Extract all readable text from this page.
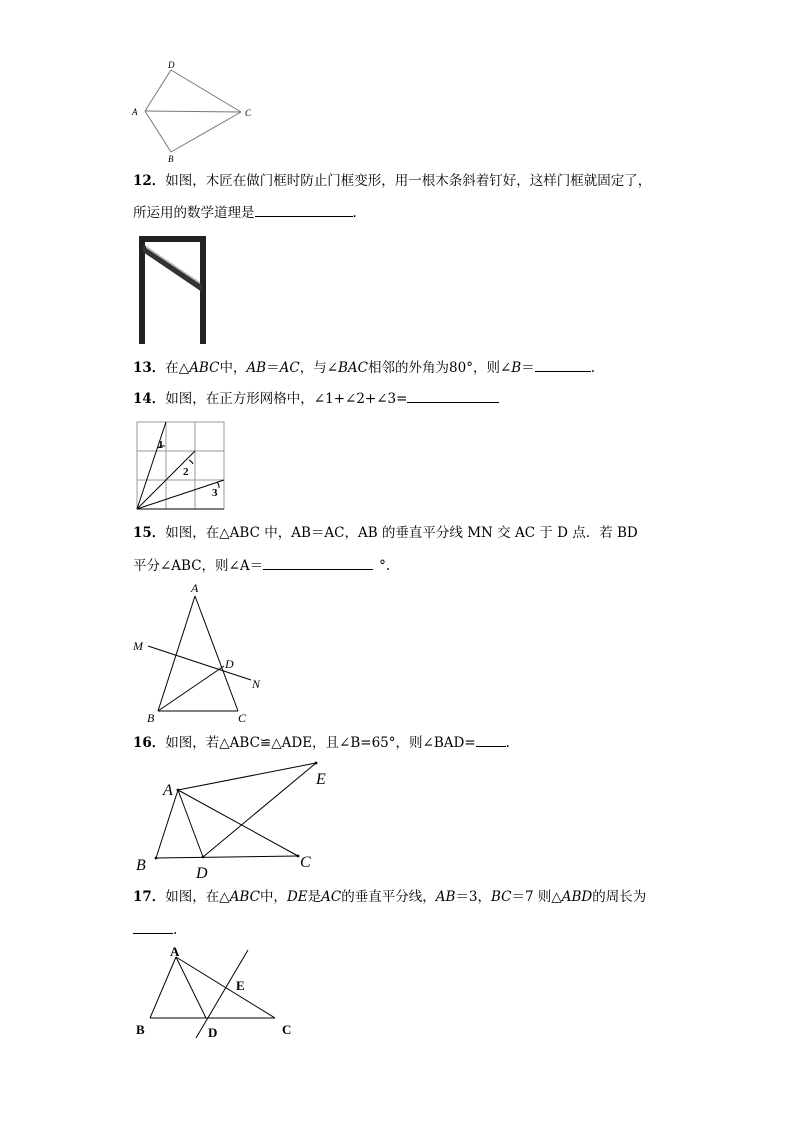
D
A	C
B
12．如图，木匠在做门框时防止门框变形，用一根木条斜着钉好，这样门框就固定了，
所运用的数学道理是	.
13．在△ABC中，AB＝AC，与∠BAC相邻的外角为80°，则∠B＝	.
14．如图，在正方形网格中，∠1+∠2+∠3=
1
2
3
15．如图，在△ABC 中，AB＝AC，AB 的垂直平分线 MN 交 AC 于 D 点．若 BD
平分∠ABC，则∠A＝	°.
A
M
D
N
B	C
16．如图，若△ABC≌△ADE，且∠B=65°，则∠BAD= .
A
E
B	D
C
17．如图，在△ABC中，DE是AC的垂直平分线，AB＝3，BC＝7 则△ABD的周长为
.
A
E
B	D	C
